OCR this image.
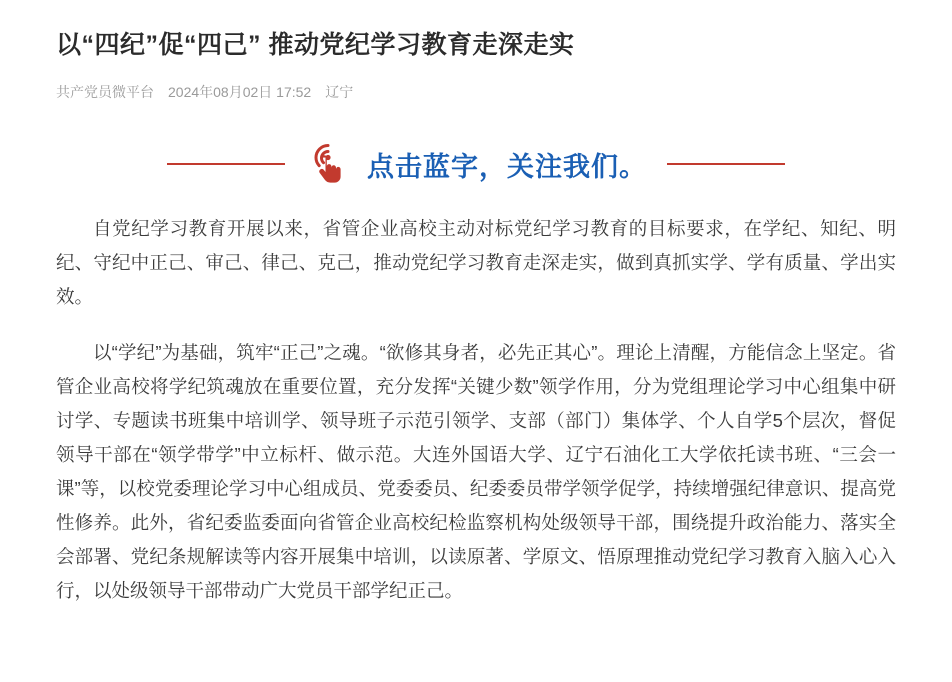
以“四纪”促“四己” 推动党纪学习教育走深走实
共产党员微平台 2024年08月02日 17:52 辽宁
点击蓝字，关注我们。

自党纪学习教育开展以来，省管企业高校主动对标党纪学习教育的目标要求，在学纪、知纪、明纪、守纪中正己、审己、律己、克己，推动党纪学习教育走深走实，做到真抓实学、学有质量、学出实效。

以“学纪”为基础，筑牢“正己”之魂。“欲修其身者，必先正其心”。理论上清醒，方能信念上坚定。省管企业高校将学纪筑魂放在重要位置，充分发挥“关键少数”领学作用，分为党组理论学习中心组集中研讨学、专题读书班集中培训学、领导班子示范引领学、支部（部门）集体学、个人自学5个层次，督促领导干部在“领学带学”中立标杆、做示范。大连外国语大学、辽宁石油化工大学依托读书班、“三会一课”等，以校党委理论学习中心组成员、党委委员、纪委委员带学领学促学，持续增强纪律意识、提高党性修养。此外，省纪委监委面向省管企业高校纪检监察机构处级领导干部，围绕提升政治能力、落实全会部署、党纪条规解读等内容开展集中培训，以读原著、学原文、悟原理推动党纪学习教育入脑入心入行，以处级领导干部带动广大党员干部学纪正己。
